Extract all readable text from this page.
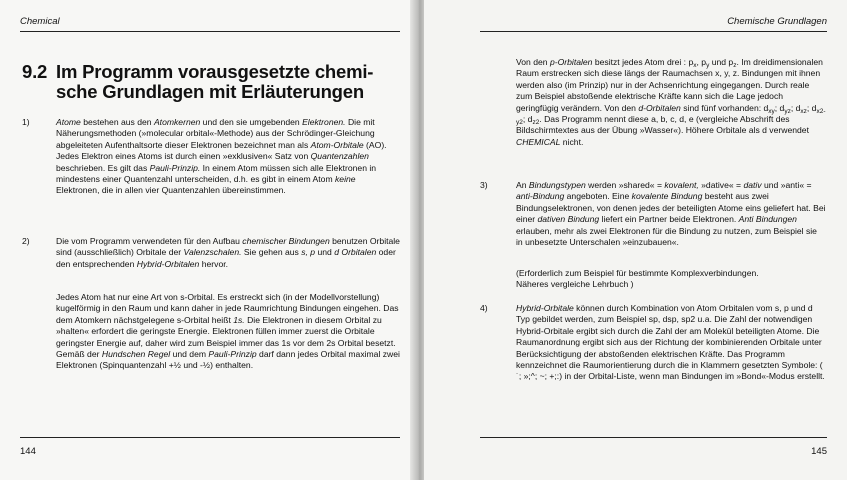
Chemical
9.2 Im Programm vorausgesetzte chemi-
sche Grundlagen mit Erläuterungen
1)	Atome bestehen aus den Atomkernen und den sie umgebenden Elektronen. Die mit Näherungsmethoden (»molecular orbital«-Methode) aus der Schrödinger-Gleichung abgeleiteten Aufenthaltsorte dieser Elektronen bezeichnet man als Atom-Orbitale (AO). Jedes Elektron eines Atoms ist durch einen »exklusiven« Satz von Quantenzahlen beschrieben. Es gilt das Pauli-Prinzip. In einem Atom müssen sich alle Elektronen in mindestens einer Quantenzahl unterscheiden, d.h. es gibt in einem Atom keine Elektronen, die in allen vier Quantenzahlen übereinstimmen.

2)	Die vom Programm verwendeten für den Aufbau chemischer Bindungen benutzen Orbitale sind (ausschließlich) Orbitale der Valenzschalen. Sie gehen aus s, p und d Orbitalen oder den entsprechenden Hybrid-Orbitalen hervor.

Jedes Atom hat nur eine Art von s-Orbital. Es erstreckt sich (in der Modellvorstellung) kugelförmig in den Raum und kann daher in jede Raumrichtung Bindungen eingehen. Das dem Atomkern nächstgelegene s-Orbital heißt 1s. Die Elektronen in diesem Orbital zu »halten« erfordert die geringste Energie. Elektronen füllen immer zuerst die Orbitale geringster Energie auf, daher wird zum Beispiel immer das 1s vor dem 2s Orbital besetzt. Gemäß der Hundschen Regel und dem Pauli-Prinzip darf dann jedes Orbital maximal zwei Elektronen (Spinquantenzahl +½ und -½) enthalten.

144
Chemische Grundlagen

Von den p-Orbitalen besitzt jedes Atom drei : $p_x$, $p_y$ und $p_z$. Im dreidimensionalen Raum erstrecken sich diese längs der Raumachsen x, y, z. Bindungen mit ihnen werden also (im Prinzip) nur in der Achsenrichtung eingegangen. Durch reale zum Beispiel abstoßende elektrische Kräfte kann sich die Lage jedoch geringfügig verändern. Von den d-Orbitalen sind fünf vorhanden: $d_{xy}$; $d_{yz}$; $d_{xz}$; $d_{x2-y2}$; $d_{z2}$. Das Programm nennt diese a, b, c, d, e (vergleiche Abschrift des Bildschirmtextes aus der Übung »Wasser«). Höhere Orbitale als d verwendet CHEMICAL nicht.

3)	An Bindungstypen werden »shared« = kovalent, »dative« = dativ und »anti« = anti-Bindung angeboten. Eine kovalente Bindung besteht aus zwei Bindungselektronen, von denen jedes der beteiligten Atome eins geliefert hat. Bei einer dativen Bindung liefert ein Partner beide Elektronen. Anti Bindungen erlauben, mehr als zwei Elektronen für die Bindung zu nutzen, zum Beispiel sie in unbesetzte Unterschalen »einzubauen«.

(Erforderlich zum Beispiel für bestimmte Komplexverbindungen.
Näheres vergleiche Lehrbuch )

4)	Hybrid-Orbitale können durch Kombination von Atom Orbitalen vom s, p und d Typ gebildet werden, zum Beispiel sp, dsp, sp2 u.a. Die Zahl der notwendigen Hybrid-Orbitale ergibt sich durch die Zahl der am Molekül beteiligten Atome. Die Raumanordnung ergibt sich aus der Richtung der kombinierenden Orbitale unter Berücksichtigung der abstoßenden elektrischen Kräfte. Das Programm kennzeichnet die Raumorientierung durch die in Klammern gesetzten Symbole: ( ˙; »;^; ~; +;:) in der Orbital-Liste, wenn man Bindungen im »Bond«-Modus erstellt.

145
